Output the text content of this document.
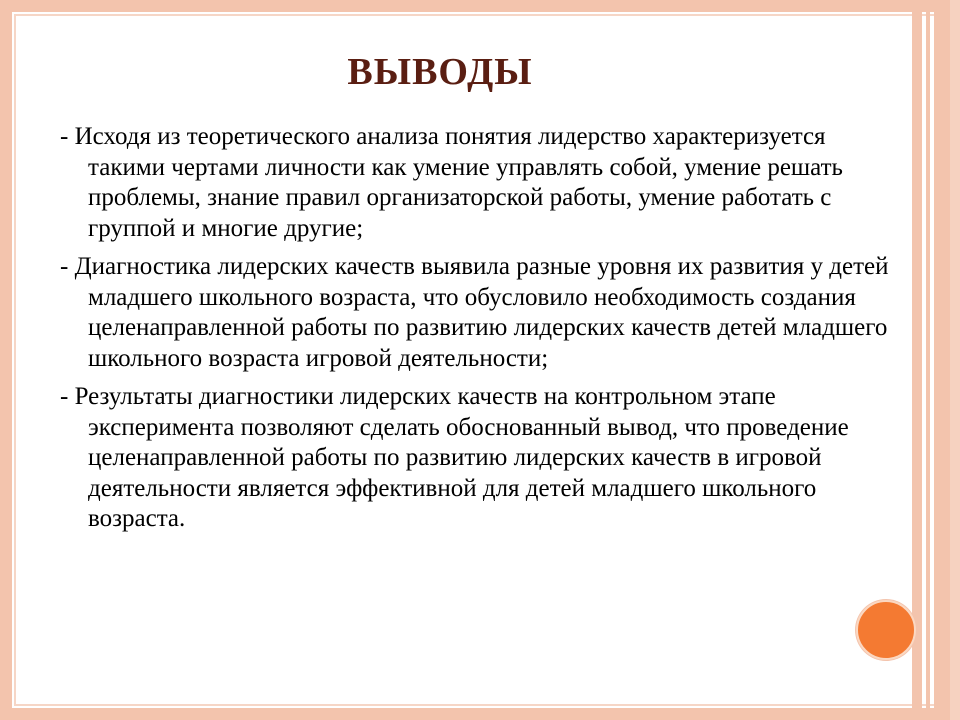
ВЫВОДЫ

- Исходя из теоретического анализа понятия лидерство характеризуется такими чертами личности как умение управлять собой, умение решать проблемы, знание правил организаторской работы, умение работать с группой и многие другие;

- Диагностика лидерских качеств выявила разные уровня их развития у детей младшего школьного возраста, что обусловило необходимость создания целенаправленной работы по развитию лидерских качеств детей младшего школьного возраста игровой деятельности;

- Результаты диагностики лидерских качеств на контрольном этапе эксперимента позволяют сделать обоснованный вывод, что проведение целенаправленной работы по развитию лидерских качеств в игровой деятельности является эффективной для детей младшего школьного возраста.
